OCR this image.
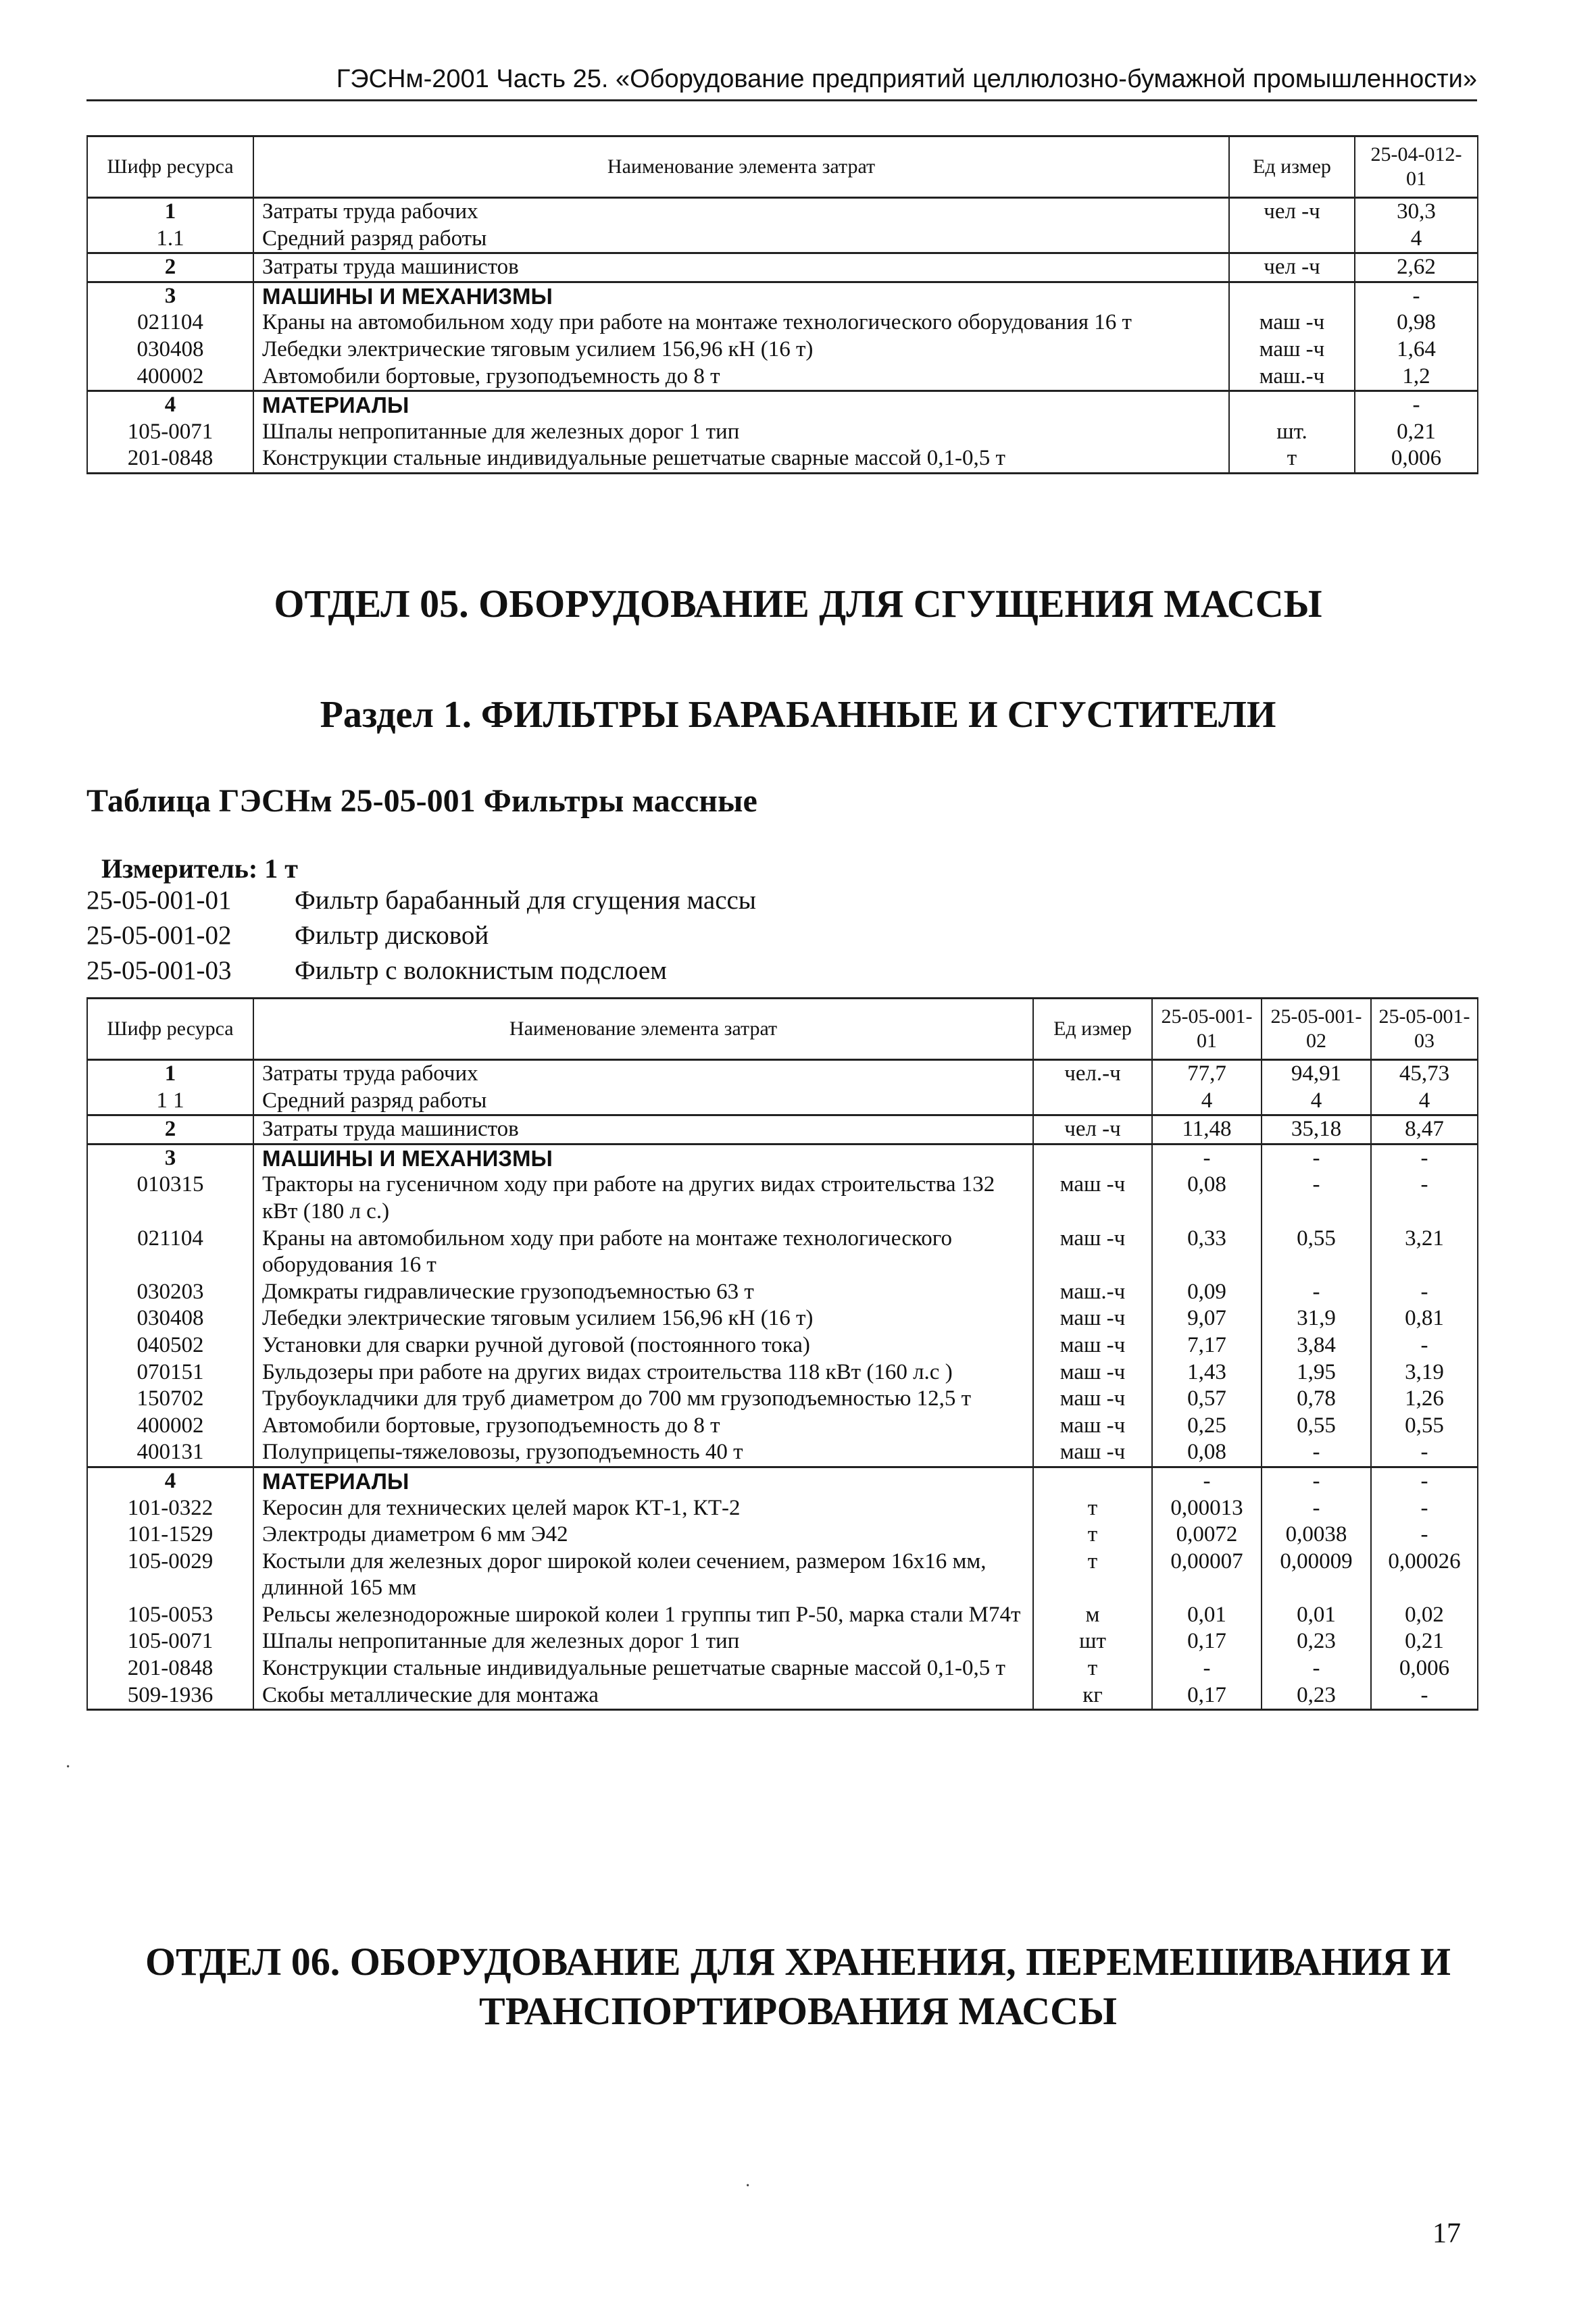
ГЭСНм-2001 Часть 25. «Оборудование предприятий целлюлозно-бумажной промышленности»
Шифр ресурса	Наименование элемента затрат	Ед измер	25-04-012-01
1	Затраты труда рабочих	чел -ч	30,3
1.1	Средний разряд работы		4
2	Затраты труда машинистов	чел -ч	2,62
3	МАШИНЫ И МЕХАНИЗМЫ		-
021104	Краны на автомобильном ходу при работе на монтаже технологического оборудования 16 т	маш -ч	0,98
030408	Лебедки электрические тяговым усилием 156,96 кН (16 т)	маш -ч	1,64
400002	Автомобили бортовые, грузоподъемность до 8 т	маш.-ч	1,2
4	МАТЕРИАЛЫ		-
105-0071	Шпалы непропитанные для железных дорог 1 тип	шт.	0,21
201-0848	Конструкции стальные индивидуальные решетчатые сварные массой 0,1-0,5 т	т	0,006
ОТДЕЛ 05. ОБОРУДОВАНИЕ ДЛЯ СГУЩЕНИЯ МАССЫ
Раздел 1. ФИЛЬТРЫ БАРАБАННЫЕ И СГУСТИТЕЛИ
Таблица ГЭСНм 25-05-001 Фильтры массные
Измеритель: 1 т
25-05-001-01 Фильтр барабанный для сгущения массы
25-05-001-02 Фильтр дисковой
25-05-001-03 Фильтр с волокнистым подслоем
Шифр ресурса	Наименование элемента затрат	Ед измер	25-05-001-01	25-05-001-02	25-05-001-03
1	Затраты труда рабочих	чел.-ч	77,7	94,91	45,73
1 1	Средний разряд работы		4	4	4
2	Затраты труда машинистов	чел -ч	11,48	35,18	8,47
3	МАШИНЫ И МЕХАНИЗМЫ		-	-	-
010315	Тракторы на гусеничном ходу при работе на других видах строительства 132 кВт (180 л с.)	маш -ч	0,08	-	-
021104	Краны на автомобильном ходу при работе на монтаже технологического оборудования 16 т	маш -ч	0,33	0,55	3,21
030203	Домкраты гидравлические грузоподъемностью 63 т	маш.-ч	0,09	-	-
030408	Лебедки электрические тяговым усилием 156,96 кН (16 т)	маш -ч	9,07	31,9	0,81
040502	Установки для сварки ручной дуговой (постоянного тока)	маш -ч	7,17	3,84	-
070151	Бульдозеры при работе на других видах строительства 118 кВт (160 л.с )	маш -ч	1,43	1,95	3,19
150702	Трубоукладчики для труб диаметром до 700 мм грузоподъемностью 12,5 т	маш -ч	0,57	0,78	1,26
400002	Автомобили бортовые, грузоподъемность до 8 т	маш -ч	0,25	0,55	0,55
400131	Полуприцепы-тяжеловозы, грузоподъемность 40 т	маш -ч	0,08	-	-
4	МАТЕРИАЛЫ		-	-	-
101-0322	Керосин для технических целей марок КТ-1, КТ-2	т	0,00013	-	-
101-1529	Электроды диаметром 6 мм Э42	т	0,0072	0,0038	-
105-0029	Костыли для железных дорог широкой колеи сечением, размером 16х16 мм, длинной 165 мм	т	0,00007	0,00009	0,00026
105-0053	Рельсы железнодорожные широкой колеи 1 группы тип Р-50, марка стали М74т	м	0,01	0,01	0,02
105-0071	Шпалы непропитанные для железных дорог 1 тип	шт	0,17	0,23	0,21
201-0848	Конструкции стальные индивидуальные решетчатые сварные массой 0,1-0,5 т	т	-	-	0,006
509-1936	Скобы металлические для монтажа	кг	0,17	0,23	-
ОТДЕЛ 06. ОБОРУДОВАНИЕ ДЛЯ ХРАНЕНИЯ, ПЕРЕМЕШИВАНИЯ И ТРАНСПОРТИРОВАНИЯ МАССЫ
·
·
17
